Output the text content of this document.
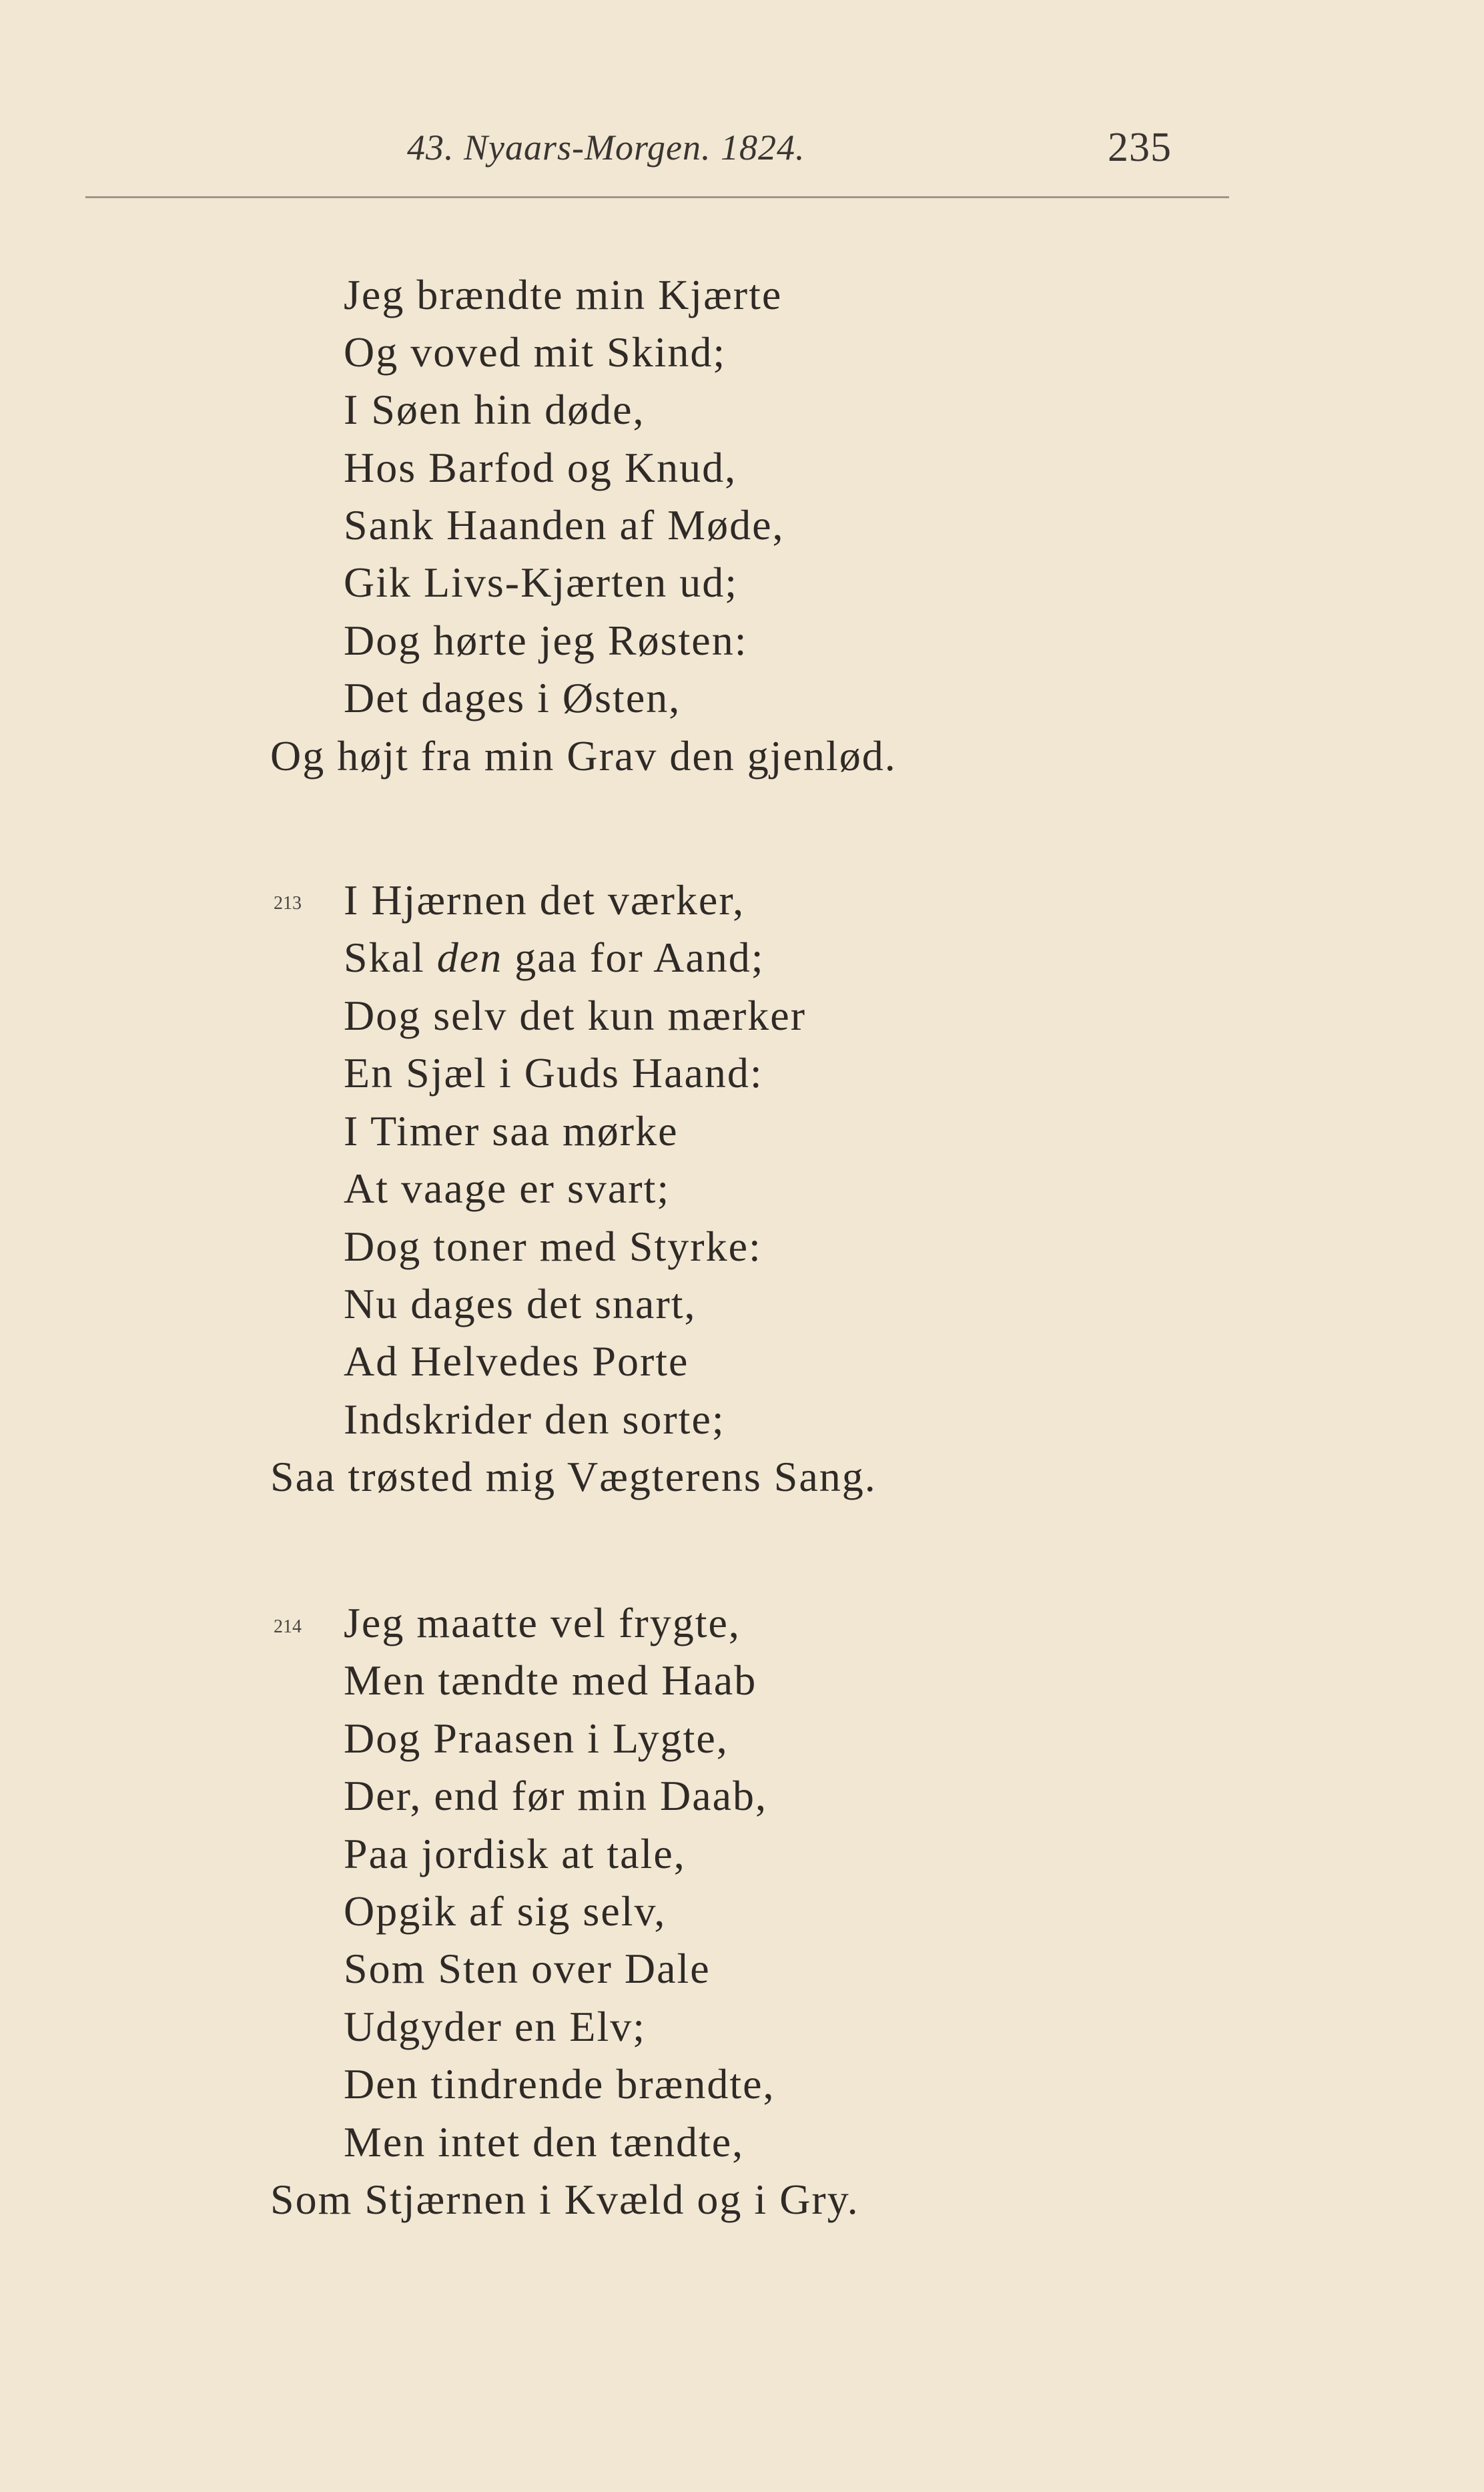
43. Nyaars-Morgen. 1824.	235
Jeg brændte min Kjærte
Og voved mit Skind;
I Søen hin døde,
Hos Barfod og Knud,
Sank Haanden af Møde,
Gik Livs-Kjærten ud;
Dog hørte jeg Røsten:
Det dages i Østen,
Og højt fra min Grav den gjenlød.
213 I Hjærnen det værker,
Skal den gaa for Aand;
Dog selv det kun mærker
En Sjæl i Guds Haand:
I Timer saa mørke
At vaage er svart;
Dog toner med Styrke:
Nu dages det snart,
Ad Helvedes Porte
Indskrider den sorte;
Saa trøsted mig Vægterens Sang.
214 Jeg maatte vel frygte,
Men tændte med Haab
Dog Praasen i Lygte,
Der, end før min Daab,
Paa jordisk at tale,
Opgik af sig selv,
Som Sten over Dale
Udgyder en Elv;
Den tindrende brændte,
Men intet den tændte,
Som Stjærnen i Kvæld og i Gry.
